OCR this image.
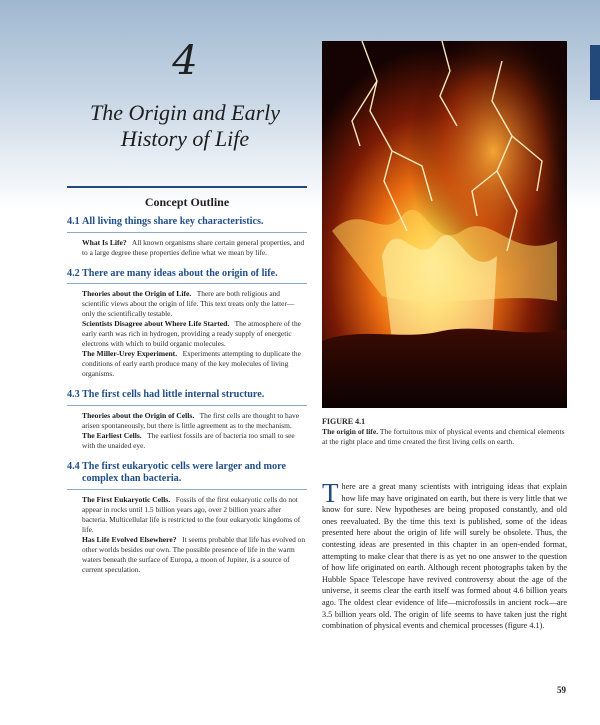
4
The Origin and Early History of Life
Concept Outline
4.1 All living things share key characteristics.
What Is Life? All known organisms share certain general properties, and to a large degree these properties define what we mean by life.
4.2 There are many ideas about the origin of life.
Theories about the Origin of Life. There are both religious and scientific views about the origin of life. This text treats only the latter—only the scientifically testable.
Scientists Disagree about Where Life Started. The atmosphere of the early earth was rich in hydrogen, providing a ready supply of energetic electrons with which to build organic molecules.
The Miller-Urey Experiment. Experiments attempting to duplicate the conditions of early earth produce many of the key molecules of living organisms.
4.3 The first cells had little internal structure.
Theories about the Origin of Cells. The first cells are thought to have arisen spontaneously, but there is little agreement as to the mechanism.
The Earliest Cells. The earliest fossils are of bacteria too small to see with the unaided eye.
4.4 The first eukaryotic cells were larger and more complex than bacteria.
The First Eukaryotic Cells. Fossils of the first eukaryotic cells do not appear in rocks until 1.5 billion years ago, over 2 billion years after bacteria. Multicellular life is restricted to the four eukaryotic kingdoms of life.
Has Life Evolved Elsewhere? It seems probable that life has evolved on other worlds besides our own. The possible presence of life in the warm waters beneath the surface of Europa, a moon of Jupiter, is a source of current speculation.
FIGURE 4.1
The origin of life. The fortuitous mix of physical events and chemical elements at the right place and time created the first living cells on earth.
There are a great many scientists with intriguing ideas that explain how life may have originated on earth, but there is very little that we know for sure. New hypotheses are being proposed constantly, and old ones reevaluated. By the time this text is published, some of the ideas presented here about the origin of life will surely be obsolete. Thus, the contesting ideas are presented in this chapter in an open-ended format, attempting to make clear that there is as yet no one answer to the question of how life originated on earth. Although recent photographs taken by the Hubble Space Telescope have revived controversy about the age of the universe, it seems clear the earth itself was formed about 4.6 billion years ago. The oldest clear evidence of life—microfossils in ancient rock—are 3.5 billion years old. The origin of life seems to have taken just the right combination of physical events and chemical processes (figure 4.1).
59
